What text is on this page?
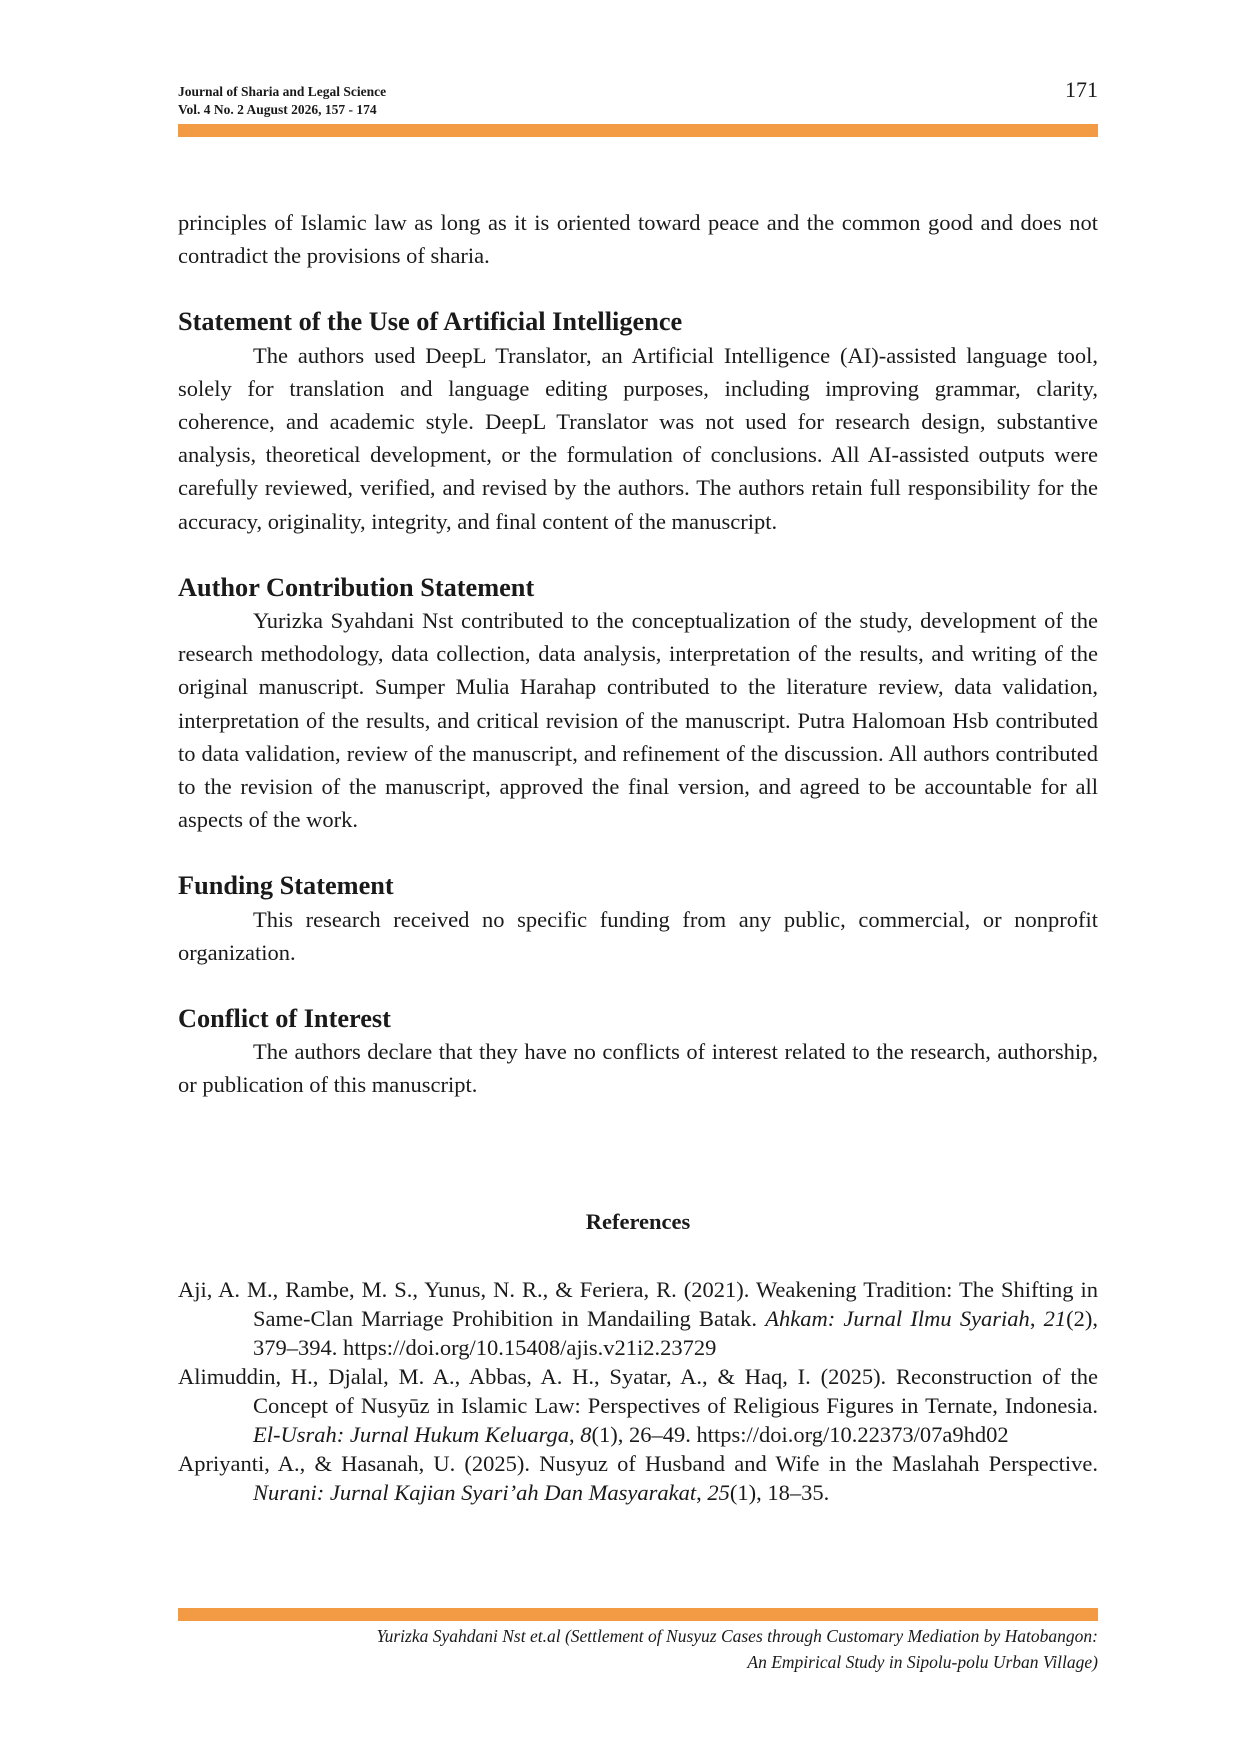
Journal of Sharia and Legal Science
Vol. 4 No. 2 August 2026, 157 - 174
171

principles of Islamic law as long as it is oriented toward peace and the common good and does not contradict the provisions of sharia.

Statement of the Use of Artificial Intelligence

The authors used DeepL Translator, an Artificial Intelligence (AI)-assisted language tool, solely for translation and language editing purposes, including improving grammar, clarity, coherence, and academic style. DeepL Translator was not used for research design, substantive analysis, theoretical development, or the formulation of conclusions. All AI-assisted outputs were carefully reviewed, verified, and revised by the authors. The authors retain full responsibility for the accuracy, originality, integrity, and final content of the manuscript.

Author Contribution Statement

Yurizka Syahdani Nst contributed to the conceptualization of the study, development of the research methodology, data collection, data analysis, interpretation of the results, and writing of the original manuscript. Sumper Mulia Harahap contributed to the literature review, data validation, interpretation of the results, and critical revision of the manuscript. Putra Halomoan Hsb contributed to data validation, review of the manuscript, and refinement of the discussion. All authors contributed to the revision of the manuscript, approved the final version, and agreed to be accountable for all aspects of the work.

Funding Statement

This research received no specific funding from any public, commercial, or nonprofit organization.

Conflict of Interest

The authors declare that they have no conflicts of interest related to the research, authorship, or publication of this manuscript.

References

Aji, A. M., Rambe, M. S., Yunus, N. R., & Feriera, R. (2021). Weakening Tradition: The Shifting in Same-Clan Marriage Prohibition in Mandailing Batak. Ahkam: Jurnal Ilmu Syariah, 21(2), 379–394. https://doi.org/10.15408/ajis.v21i2.23729

Alimuddin, H., Djalal, M. A., Abbas, A. H., Syatar, A., & Haq, I. (2025). Reconstruction of the Concept of Nusyūz in Islamic Law: Perspectives of Religious Figures in Ternate, Indonesia. El-Usrah: Jurnal Hukum Keluarga, 8(1), 26–49. https://doi.org/10.22373/07a9hd02

Apriyanti, A., & Hasanah, U. (2025). Nusyuz of Husband and Wife in the Maslahah Perspective. Nurani: Jurnal Kajian Syari’ah Dan Masyarakat, 25(1), 18–35.

Yurizka Syahdani Nst et.al (Settlement of Nusyuz Cases through Customary Mediation by Hatobangon:
An Empirical Study in Sipolu-polu Urban Village)
